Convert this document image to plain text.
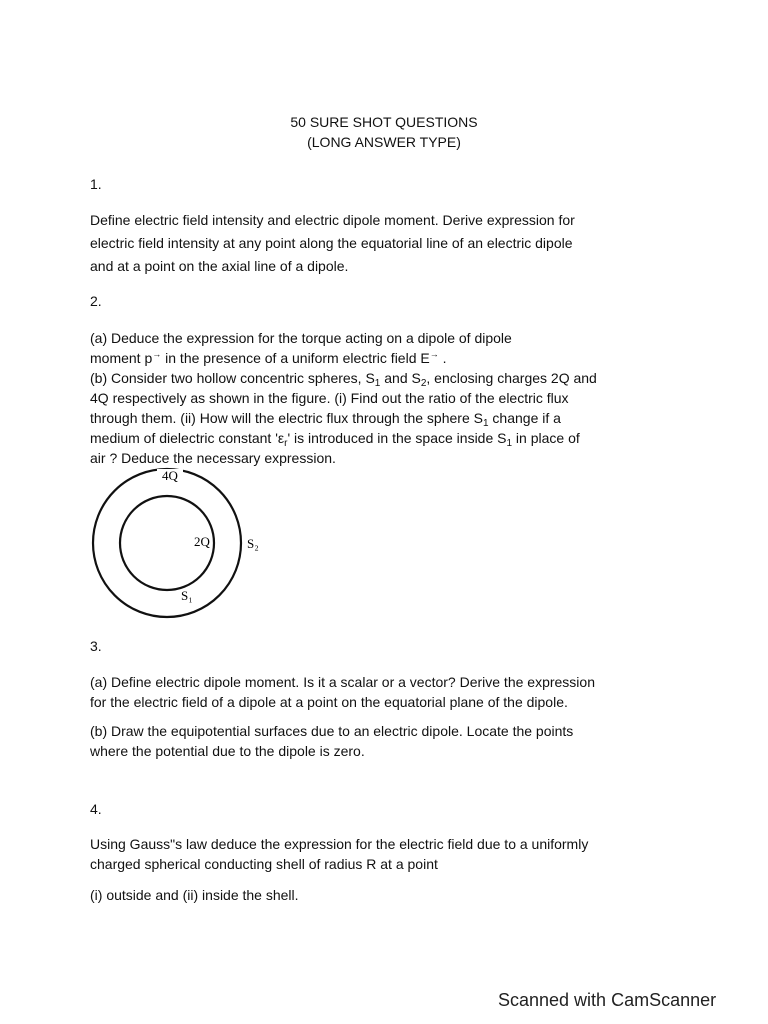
50 SURE SHOT QUESTIONS
(LONG ANSWER TYPE)
1.
Define electric field intensity and electric dipole moment. Derive expression for
electric field intensity at any point along the equatorial line of an electric dipole
and at a point on the axial line of a dipole.
2.
(a) Deduce the expression for the torque acting on a dipole of dipole
moment p→ in the presence of a uniform electric field E→ .
(b) Consider two hollow concentric spheres, $S_1$ and $S_2$, enclosing charges 2Q and
4Q respectively as shown in the figure. (i) Find out the ratio of the electric flux
through them. (ii) How will the electric flux through the sphere $S_1$ change if a
medium of dielectric constant '$\varepsilon_r$' is introduced in the space inside $S_1$ in place of
air ? Deduce the necessary expression.
4Q
2Q	S₂
S₁
3.
(a) Define electric dipole moment. Is it a scalar or a vector? Derive the expression
for the electric field of a dipole at a point on the equatorial plane of the dipole.
(b) Draw the equipotential surfaces due to an electric dipole. Locate the points
where the potential due to the dipole is zero.
4.
Using Gauss"s law deduce the expression for the electric field due to a uniformly
charged spherical conducting shell of radius R at a point
(i) outside and (ii) inside the shell.
Scanned with CamScanner
